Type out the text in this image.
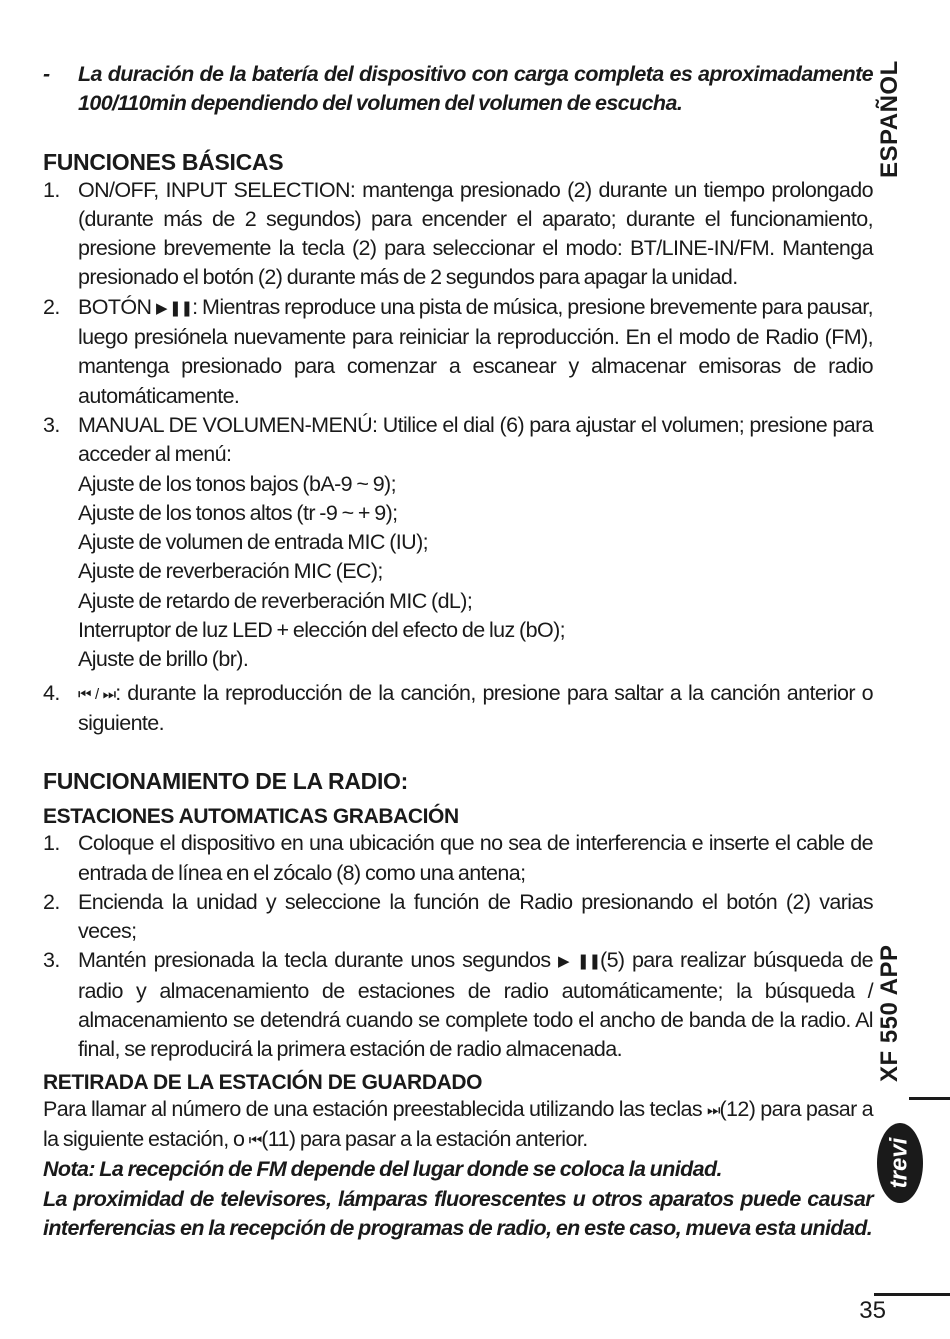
-	La duración de la batería del dispositivo con carga completa es aproximadamente 100/110min dependiendo del volumen del volumen de escucha.
FUNCIONES BÁSICAS
1. ON/OFF, INPUT SELECTION: mantenga presionado (2) durante un tiempo prolongado (durante más de 2 segundos) para encender el aparato; durante el funcionamiento, presione brevemente la tecla (2) para seleccionar el modo: BT/LINE-IN/FM. Mantenga presionado el botón (2) durante más de 2 segundos para apagar la unidad.
2. BOTÓN ▶ ❚❚: Mientras reproduce una pista de música, presione brevemente para pausar, luego presiónela nuevamente para reiniciar la reproducción. En el modo de Radio (FM), mantenga presionado para comenzar a escanear y almacenar emisoras de radio automáticamente.
3. MANUAL DE VOLUMEN-MENÚ: Utilice el dial (6) para ajustar el volumen; presione para acceder al menú:
Ajuste de los tonos bajos (bA-9 ~ 9);
Ajuste de los tonos altos (tr -9 ~ + 9);
Ajuste de volumen de entrada MIC (IU);
Ajuste de reverberación MIC (EC);
Ajuste de retardo de reverberación MIC (dL);
Interruptor de luz LED + elección del efecto de luz (bO);
Ajuste de brillo (br).
4.	⏮ / ⏭: durante la reproducción de la canción, presione para saltar a la canción anterior o siguiente.
FUNCIONAMIENTO DE LA RADIO:
ESTACIONES AUTOMATICAS GRABACIÓN
1. Coloque el dispositivo en una ubicación que no sea de interferencia e inserte el cable de entrada de línea en el zócalo (8) como una antena;
2. Encienda la unidad y seleccione la función de Radio presionando el botón (2) varias veces;
3. Mantén presionada la tecla durante unos segundos ▶ ❚❚(5) para realizar búsqueda de radio y almacenamiento de estaciones de radio automáticamente; la búsqueda / almacenamiento se detendrá cuando se complete todo el ancho de banda de la radio. Al final, se reproducirá la primera estación de radio almacenada.
RETIRADA DE LA ESTACIÓN DE GUARDADO

Para llamar al número de una estación preestablecida utilizando las teclas ⏭(12) para pasar a la siguiente estación, o ⏮(11) para pasar a la estación anterior.

Nota: La recepción de FM depende del lugar donde se coloca la unidad.

La proximidad de televisores, lámparas fluorescentes u otros aparatos puede causar interferencias en la recepción de programas de radio, en este caso, mueva esta unidad.

ESPAÑOL
XF 550 APP
trevi
35
